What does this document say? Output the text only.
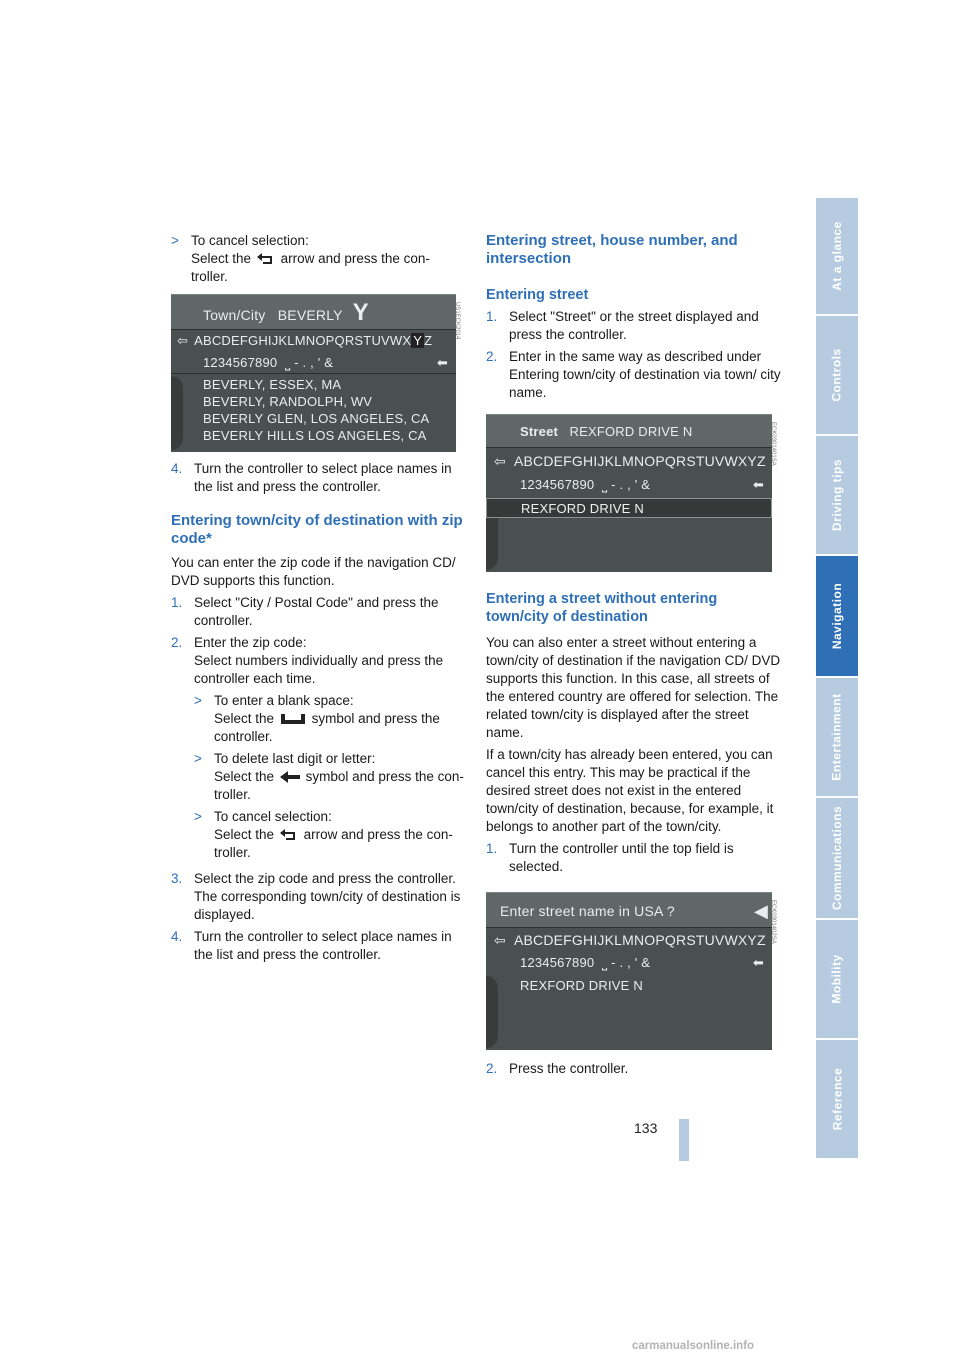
> To cancel selection:
Select the arrow and press the con-
troller.
Town/City BEVERLY Y
⇦ ABCDEFGHIJKLMNOPQRSTUVWX Y Z
1234567890 ⎵ - . , ' &	⬅
BEVERLY, ESSEX, MA
BEVERLY, RANDOLPH, WV
BEVERLY GLEN, LOS ANGELES, CA
BEVERLY HILLS LOS ANGELES, CA
US1ECK2014
4. Turn the controller to select place names in the list and press the controller.
Entering town/city of destination with zip code*

You can enter the zip code if the navigation CD/ DVD supports this function.

1. Select "City / Postal Code" and press the controller.
2. Enter the zip code:
Select numbers individually and press the controller each time.
> To enter a blank space:
Select the	symbol and press the
controller.
> To delete last digit or letter:
Select the symbol and press the con-
troller.
> To cancel selection:
Select the arrow and press the con-
troller.
3. Select the zip code and press the controller. The corresponding town/city of destination is displayed.
4. Turn the controller to select place names in the list and press the controller.
Entering street, house number, and intersection
Entering street
1. Select "Street" or the street displayed and press the controller.
2. Enter in the same way as described under Entering town/city of destination via town/ city name.
Street REXFORD DRIVE N
⇦ ABCDEFGHIJKLMNOPQRSTUVWXYZ
1234567890 ⎵ - . , ' &	⬅
REXFORD DRIVE N
ECK0301401SA
Entering a street without entering town/city of destination

You can also enter a street without entering a town/city of destination if the navigation CD/ DVD supports this function. In this case, all streets of the entered country are offered for selection. The related town/city is displayed after the street name.

If a town/city has already been entered, you can cancel this entry. This may be practical if the desired street does not exist in the entered town/city of destination, because, for example, it belongs to another part of the town/city.

1. Turn the controller until the top field is selected.
Enter street name in USA ?	◀
⇦ ABCDEFGHIJKLMNOPQRSTUVWXYZ
1234567890 ⎵ - . , ' &	⬅
REXFORD DRIVE N
ECK0301402SA
2. Press the controller.
At a glance
Controls
Driving tips
Navigation
Entertainment
Communications
Mobility
Reference
133
carmanualsonline.info
